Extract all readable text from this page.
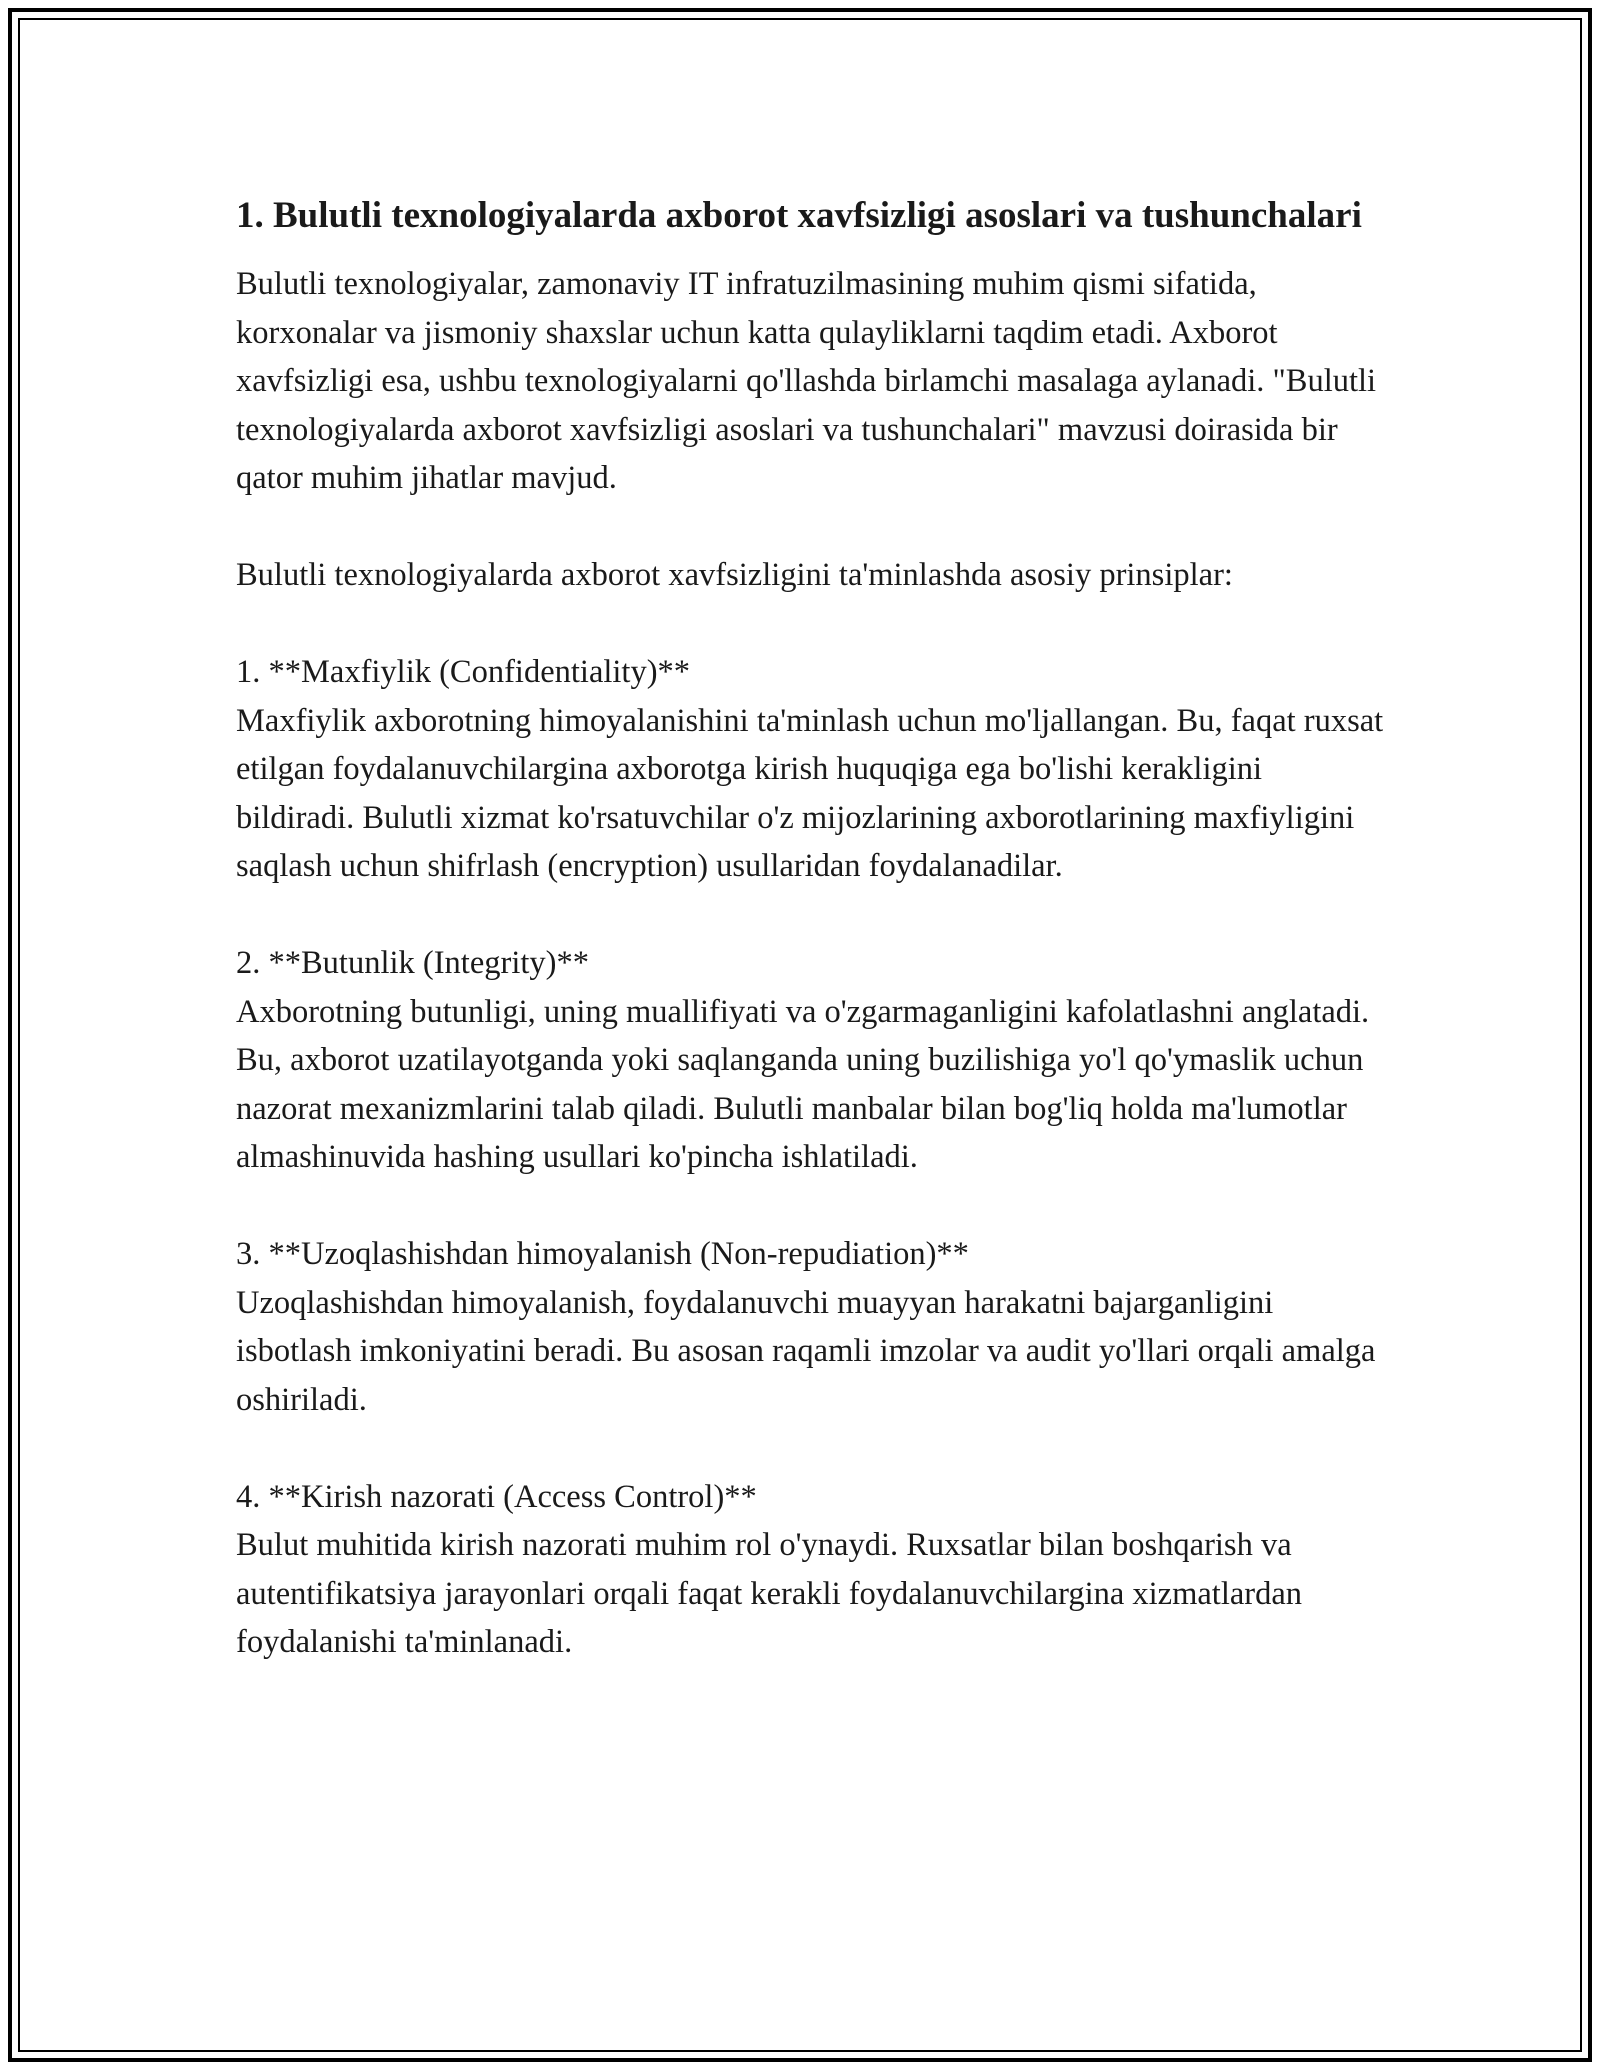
1. Bulutli texnologiyalarda axborot xavfsizligi asoslari va tushunchalari

Bulutli texnologiyalar, zamonaviy IT infratuzilmasining muhim qismi sifatida, korxonalar va jismoniy shaxslar uchun katta qulayliklarni taqdim etadi. Axborot xavfsizligi esa, ushbu texnologiyalarni qo'llashda birlamchi masalaga aylanadi. "Bulutli texnologiyalarda axborot xavfsizligi asoslari va tushunchalari" mavzusi doirasida bir qator muhim jihatlar mavjud.

Bulutli texnologiyalarda axborot xavfsizligini ta'minlashda asosiy prinsiplar:

1. **Maxfiylik (Confidentiality)**

Maxfiylik axborotning himoyalanishini ta'minlash uchun mo'ljallangan. Bu, faqat ruxsat etilgan foydalanuvchilargina axborotga kirish huquqiga ega bo'lishi kerakligini bildiradi. Bulutli xizmat ko'rsatuvchilar o'z mijozlarining axborotlarining maxfiyligini saqlash uchun shifrlash (encryption) usullaridan foydalanadilar.

2. **Butunlik (Integrity)**

Axborotning butunligi, uning muallifiyati va o'zgarmaganligini kafolatlashni anglatadi. Bu, axborot uzatilayotganda yoki saqlanganda uning buzilishiga yo'l qo'ymaslik uchun nazorat mexanizmlarini talab qiladi. Bulutli manbalar bilan bog'liq holda ma'lumotlar almashinuvida hashing usullari ko'pincha ishlatiladi.

3. **Uzoqlashishdan himoyalanish (Non-repudiation)**

Uzoqlashishdan himoyalanish, foydalanuvchi muayyan harakatni bajarganligini isbotlash imkoniyatini beradi. Bu asosan raqamli imzolar va audit yo'llari orqali amalga oshiriladi.

4. **Kirish nazorati (Access Control)**

Bulut muhitida kirish nazorati muhim rol o'ynaydi. Ruxsatlar bilan boshqarish va autentifikatsiya jarayonlari orqali faqat kerakli foydalanuvchilargina xizmatlardan foydalanishi ta'minlanadi.
